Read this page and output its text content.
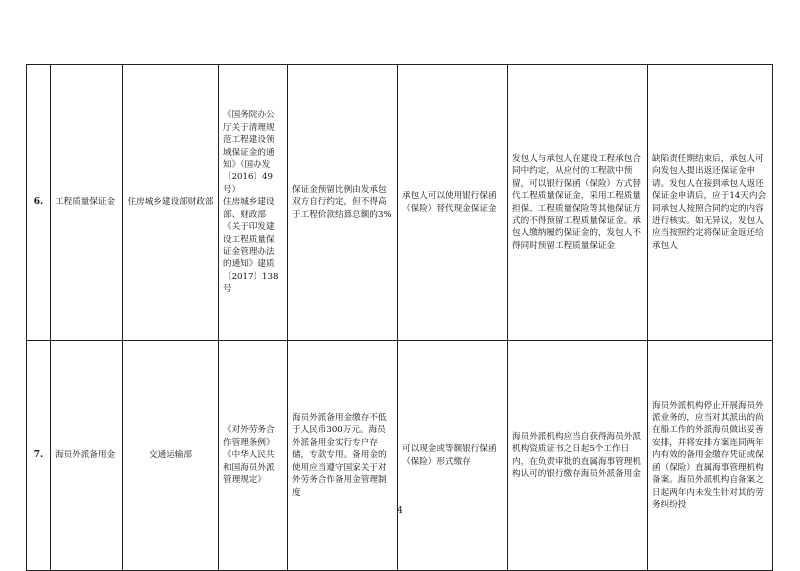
6.	工程质量保证金	住房城乡建设部财政部	《国务院办公厅关于清理规范工程建设领域保证金的通知》（国办发〔2016〕49号）
住房城乡建设部、财政部《关于印发建设工程质量保证金管理办法的通知》建质〔2017〕138号	保证金预留比例由发承包双方自行约定，但不得高于工程价款结算总额的3%	承包人可以使用银行保函（保险）替代现金保证金	发包人与承包人在建设工程承包合同中约定，从应付的工程款中预留，可以银行保函（保险）方式替代工程质量保证金，采用工程质量担保、工程质量保险等其他保证方式的不得预留工程质量保证金。承包人缴纳履约保证金的，发包人不得同时预留工程质量保证金	缺陷责任期结束后，承包人可向发包人提出返还保证金申请。发包人在接到承包人返还保证金申请后，应于14天内会同承包人按照合同约定的内容进行核实。如无异议，发包人应当按照约定将保证金返还给承包人
7.	海员外派备用金	交通运输部	《对外劳务合作管理条例》
《中华人民共和国海员外派管理规定》	海员外派备用金缴存不低于人民币300万元。海员外派备用金实行专户存储，专款专用。备用金的使用应当遵守国家关于对外劳务合作备用金管理制度	可以现金或等额银行保函（保险）形式缴存	海员外派机构应当自获得海员外派机构资质证书之日起5个工作日内，在负责审批的直属海事管理机构认可的银行缴存海员外派备用金	海员外派机构停止开展海员外派业务的，应当对其派出的尚在船工作的外派海员做出妥善安排，并将安排方案连同两年内有效的备用金缴存凭证或保函（保险）直属海事管理机构备案。海员外派机构自备案之日起两年内未发生针对其的劳务纠纷投
4
